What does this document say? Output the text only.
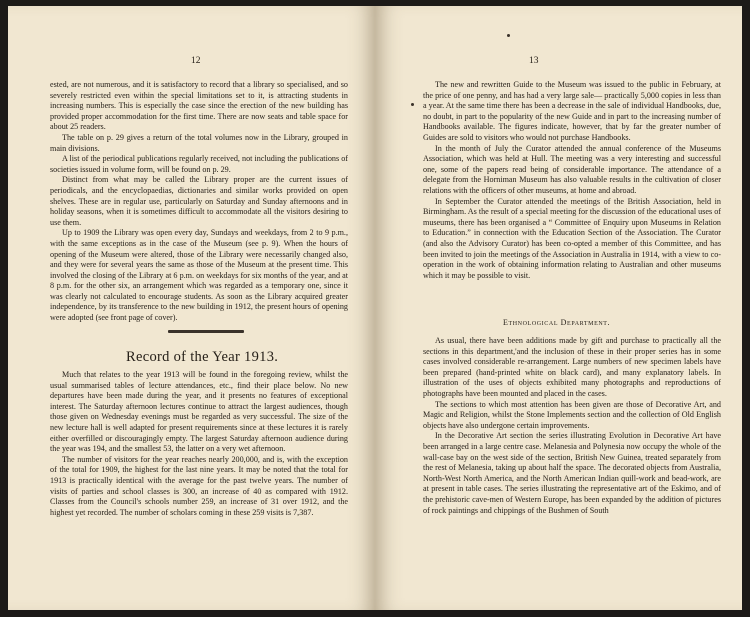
12

ested, are not numerous, and it is satisfactory to record that a library so specialised, and so severely restricted even within the special limitations set to it, is attracting students in increasing numbers. This is especially the case since the erection of the new building has provided proper accommodation for the first time. There are now seats and table space for about 25 readers.

The table on p. 29 gives a return of the total volumes now in the Library, grouped in main divisions.

A list of the periodical publications regularly received, not including the publications of societies issued in volume form, will be found on p. 29.

Distinct from what may be called the Library proper are the current issues of periodicals, and the encyclopaedias, dictionaries and similar works provided on open shelves. These are in regular use, particularly on Saturday and Sunday afternoons and in holiday seasons, when it is sometimes difficult to accommodate all the visitors desiring to use them.

Up to 1909 the Library was open every day, Sundays and weekdays, from 2 to 9 p.m., with the same exceptions as in the case of the Museum (see p. 9). When the hours of opening of the Museum were altered, those of the Library were necessarily changed also, and they were for several years the same as those of the Museum at the present time. This involved the closing of the Library at 6 p.m. on weekdays for six months of the year, and at 8 p.m. for the other six, an arrangement which was regarded as a temporary one, since it was clearly not calculated to encourage students. As soon as the Library acquired greater independence, by its transference to the new building in 1912, the present hours of opening were adopted (see front page of cover).

Record of the Year 1913.

Much that relates to the year 1913 will be found in the foregoing review, whilst the usual summarised tables of lecture attendances, etc., find their place below. No new departures have been made during the year, and it presents no features of exceptional interest. The Saturday afternoon lectures continue to attract the largest audiences, though those given on Wednesday evenings must be regarded as very successful. The size of the new lecture hall is well adapted for present requirements since at these lectures it is rarely either overfilled or discouragingly empty. The largest Saturday afternoon audience during the year was 194, and the smallest 53, the latter on a very wet afternoon.

The number of visitors for the year reaches nearly 200,000, and is, with the exception of the total for 1909, the highest for the last nine years. It may be noted that the total for 1913 is practically identical with the average for the past twelve years. The number of visits of parties and school classes is 300, an increase of 40 as compared with 1912. Classes from the Council's schools number 259, an increase of 31 over 1912, and the highest yet recorded. The number of scholars coming in these 259 visits is 7,387.

13

The new and rewritten Guide to the Museum was issued to the public in February, at the price of one penny, and has had a very large sale— practically 5,000 copies in less than a year. At the same time there has been a decrease in the sale of individual Handbooks, due, no doubt, in part to the popularity of the new Guide and in part to the increasing number of Handbooks available. The figures indicate, however, that by far the greater number of Guides are sold to visitors who would not purchase Handbooks.

In the month of July the Curator attended the annual conference of the Museums Association, which was held at Hull. The meeting was a very interesting and successful one, some of the papers read being of considerable importance. The attendance of a delegate from the Horniman Museum has also valuable results in the cultivation of closer relations with the officers of other museums, at home and abroad.

In September the Curator attended the meetings of the British Association, held in Birmingham. As the result of a special meeting for the discussion of the educational uses of museums, there has been organised a “ Committee of Enquiry upon Museums in Relation to Education.” in connection with the Education Section of the Association. The Curator (and also the Advisory Curator) has been co-opted a member of this Committee, and has been invited to join the meetings of the Association in Australia in 1914, with a view to co-operation in the work of obtaining information relating to Australian and other museums which it may be possible to visit.

Ethnological Department.

As usual, there have been additions made by gift and purchase to practically all the sections in this department,'and the inclusion of these in their proper series has in some cases involved considerable re-arrangement. Large numbers of new specimen labels have been prepared (hand-printed white on black card), and many explanatory labels. In illustration of the uses of objects exhibited many photographs and reproductions of photographs have been mounted and placed in the cases.

The sections to which most attention has been given are those of Decorative Art, and Magic and Religion, whilst the Stone Implements section and the collection of Old English objects have also undergone certain improvements.

In the Decorative Art section the series illustrating Evolution in Decorative Art have been arranged in a large centre case. Melanesia and Polynesia now occupy the whole of the wall-case bay on the west side of the section, British New Guinea, treated separately from the rest of Melanesia, taking up about half the space. The decorated objects from Australia, North-West North America, and the North American Indian quill-work and bead-work, are at present in table cases. The series illustrating the representative art of the Eskimo, and of the prehistoric cave-men of Western Europe, has been expanded by the addition of pictures of rock paintings and chippings of the Bushmen of South
